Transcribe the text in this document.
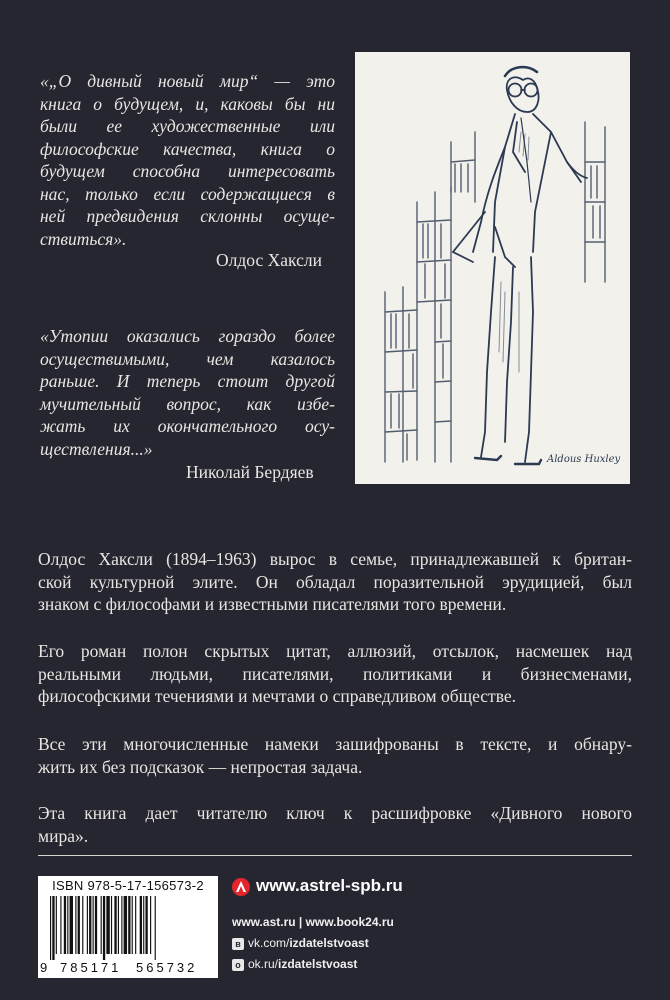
«„О дивный новый мир“ — это
книга о будущем, и, каковы бы ни
были ее художественные или
философские качества, книга о
будущем способна интересовать
нас, только если содержащиеся в
ней предвидения склонны осуще-
ствиться».
Олдос Хаксли
«Утопии оказались гораздо более
осуществимыми, чем казалось
раньше. И теперь стоит другой
мучительный вопрос, как избе-
жать их окончательного осу-
ществления...»
Николай Бердяев
Aldous Huxley
Олдос Хаксли (1894–1963) вырос в семье, принадлежавшей к британ-
ской культурной элите. Он обладал поразительной эрудицией, был
знаком с философами и известными писателями того времени.
Его роман полон скрытых цитат, аллюзий, отсылок, насмешек над
реальными людьми, писателями, политиками и бизнесменами,
философскими течениями и мечтами о справедливом обществе.
Все эти многочисленные намеки зашифрованы в тексте, и обнару-
жить их без подсказок — непростая задача.
Эта книга дает читателю ключ к расшифровке «Дивного нового
мира».
ISBN 978-5-17-156573-2
9 785171 565732
www.astrel-spb.ru
www.ast.ru | www.book24.ru
в vk.com/ izdatelstvoast
о ok.ru/ izdatelstvoast
